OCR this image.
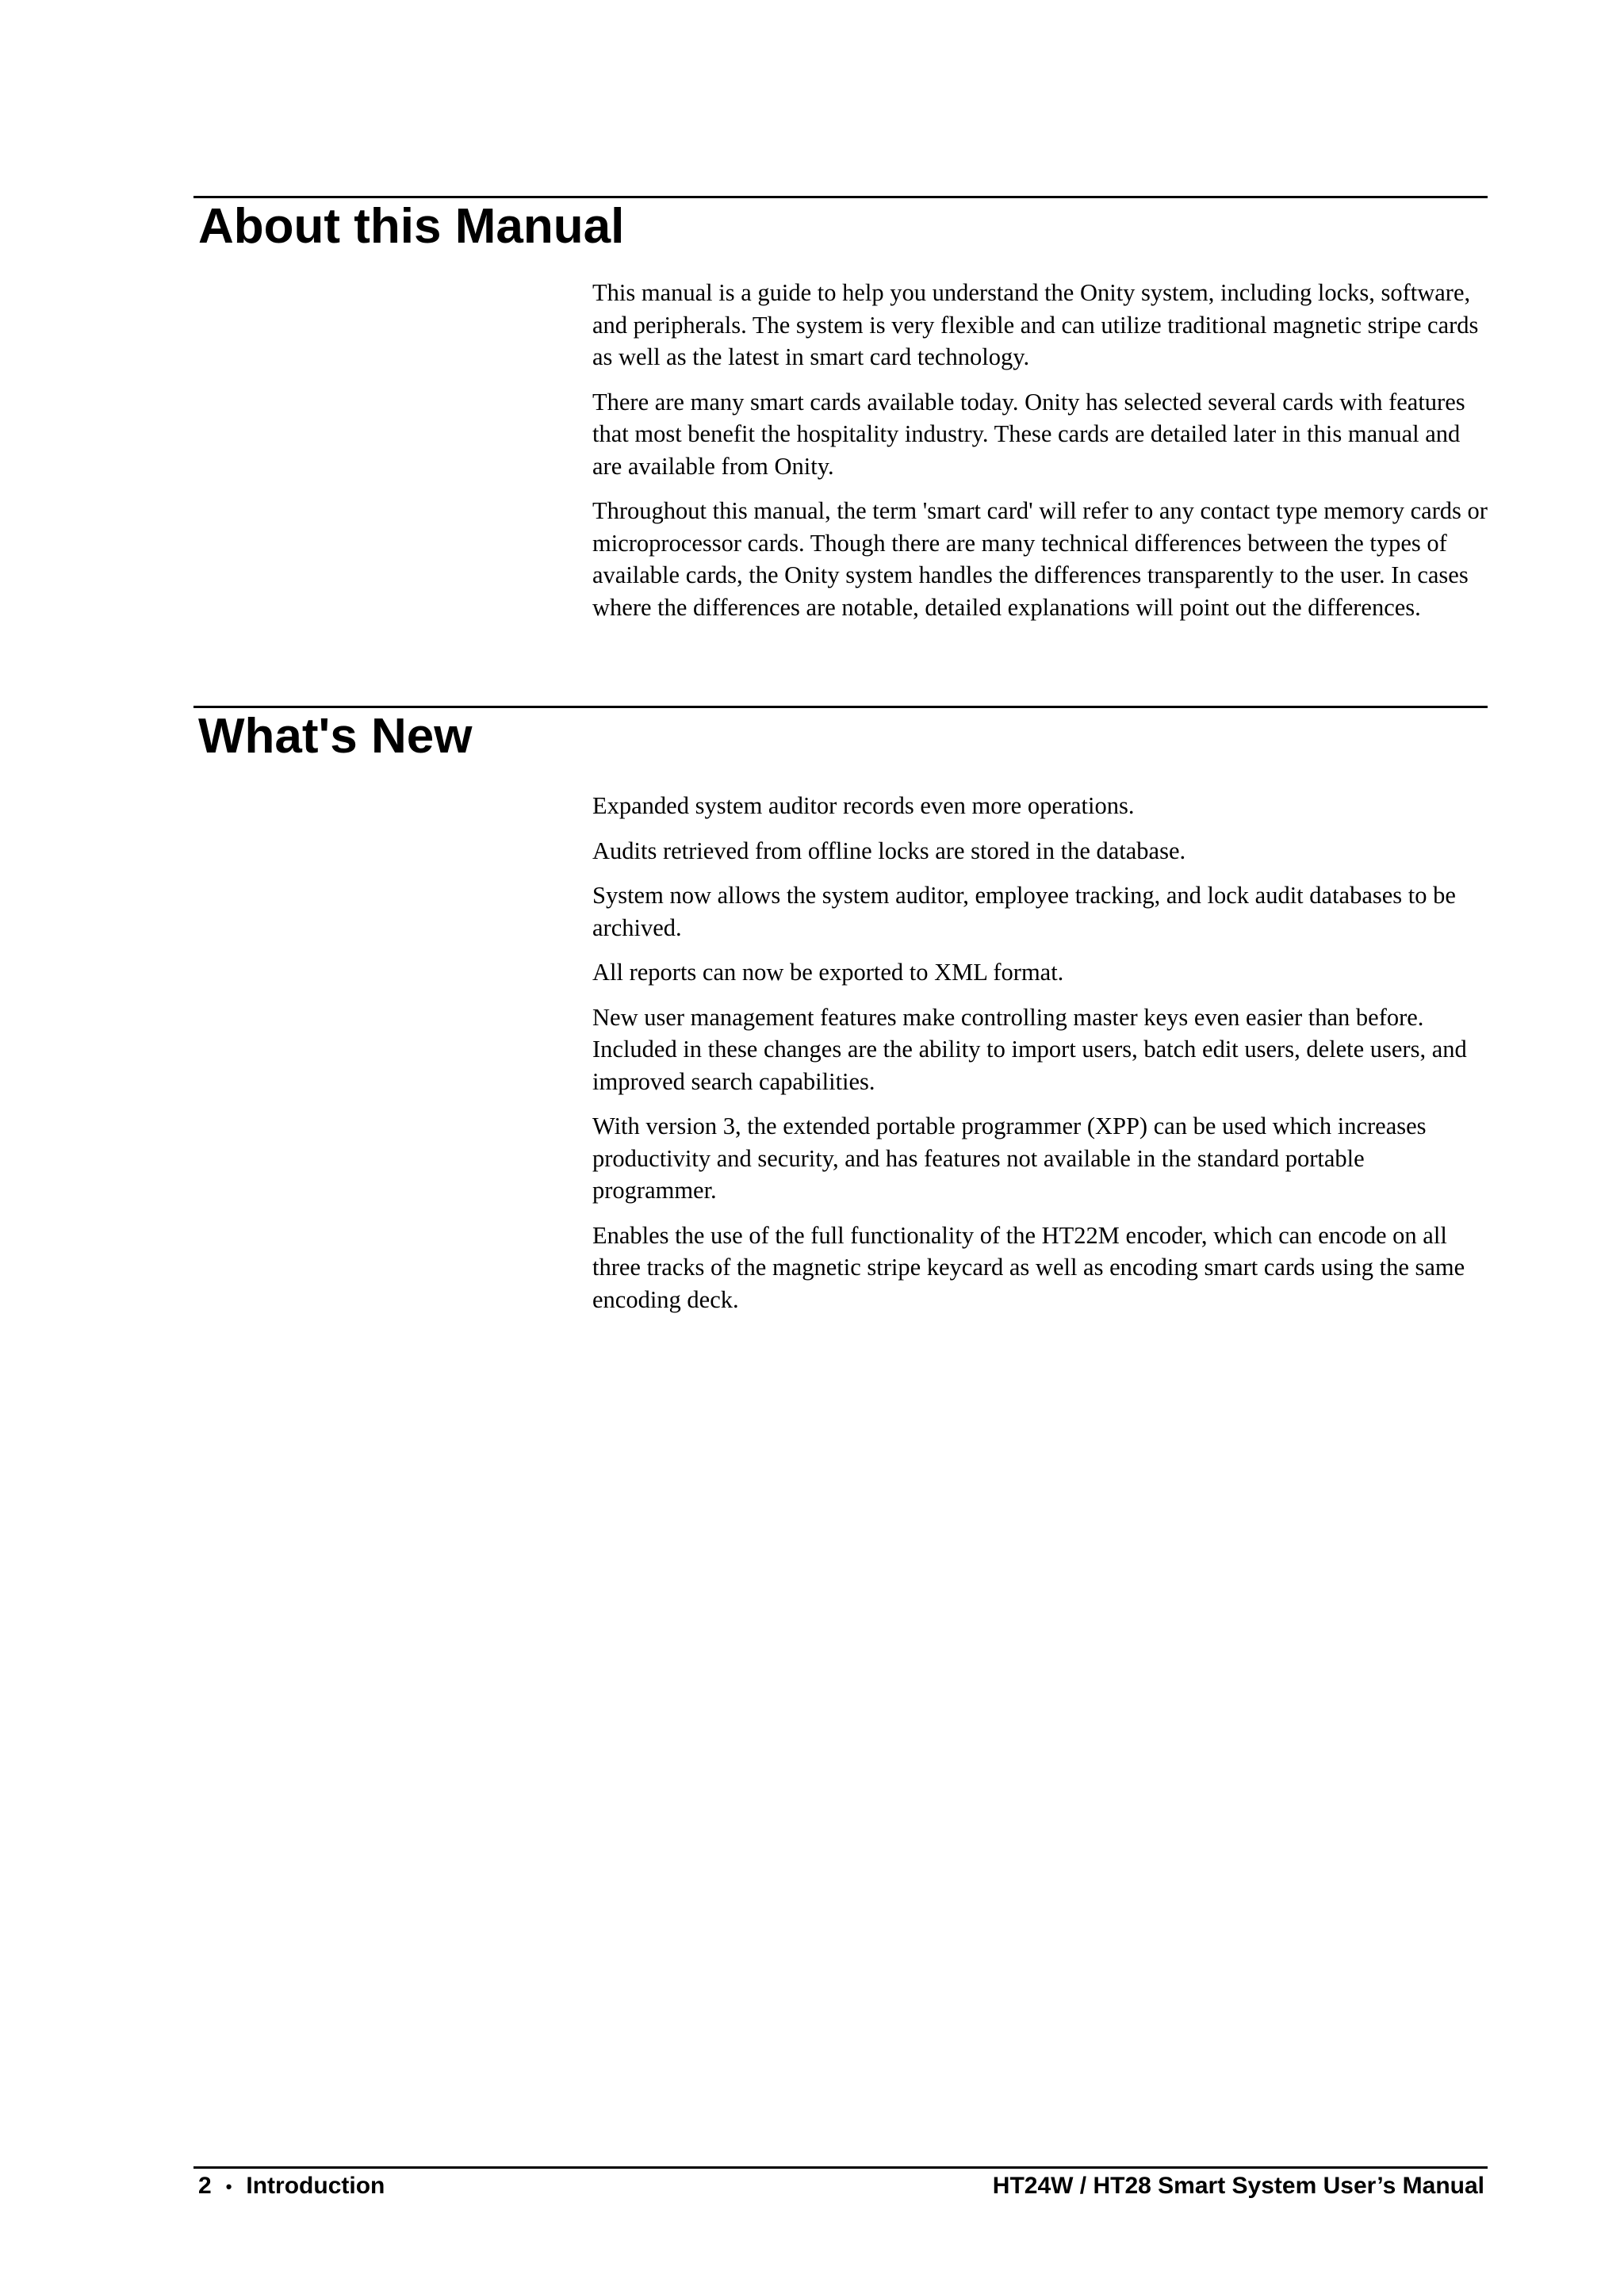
About this Manual

This manual is a guide to help you understand the Onity system, including locks, software, and peripherals. The system is very flexible and can utilize traditional magnetic stripe cards as well as the latest in smart card technology.

There are many smart cards available today. Onity has selected several cards with features that most benefit the hospitality industry. These cards are detailed later in this manual and are available from Onity.

Throughout this manual, the term 'smart card' will refer to any contact type memory cards or microprocessor cards. Though there are many technical differences between the types of available cards, the Onity system handles the differences transparently to the user. In cases where the differences are notable, detailed explanations will point out the differences.

What's New

Expanded system auditor records even more operations.

Audits retrieved from offline locks are stored in the database.

System now allows the system auditor, employee tracking, and lock audit databases to be archived.

All reports can now be exported to XML format.

New user management features make controlling master keys even easier than before. Included in these changes are the ability to import users, batch edit users, delete users, and improved search capabilities.

With version 3, the extended portable programmer (XPP) can be used which increases productivity and security, and has features not available in the standard portable programmer.

Enables the use of the full functionality of the HT22M encoder, which can encode on all three tracks of the magnetic stripe keycard as well as encoding smart cards using the same encoding deck.

2 • Introduction	HT24W / HT28 Smart System User’s Manual
